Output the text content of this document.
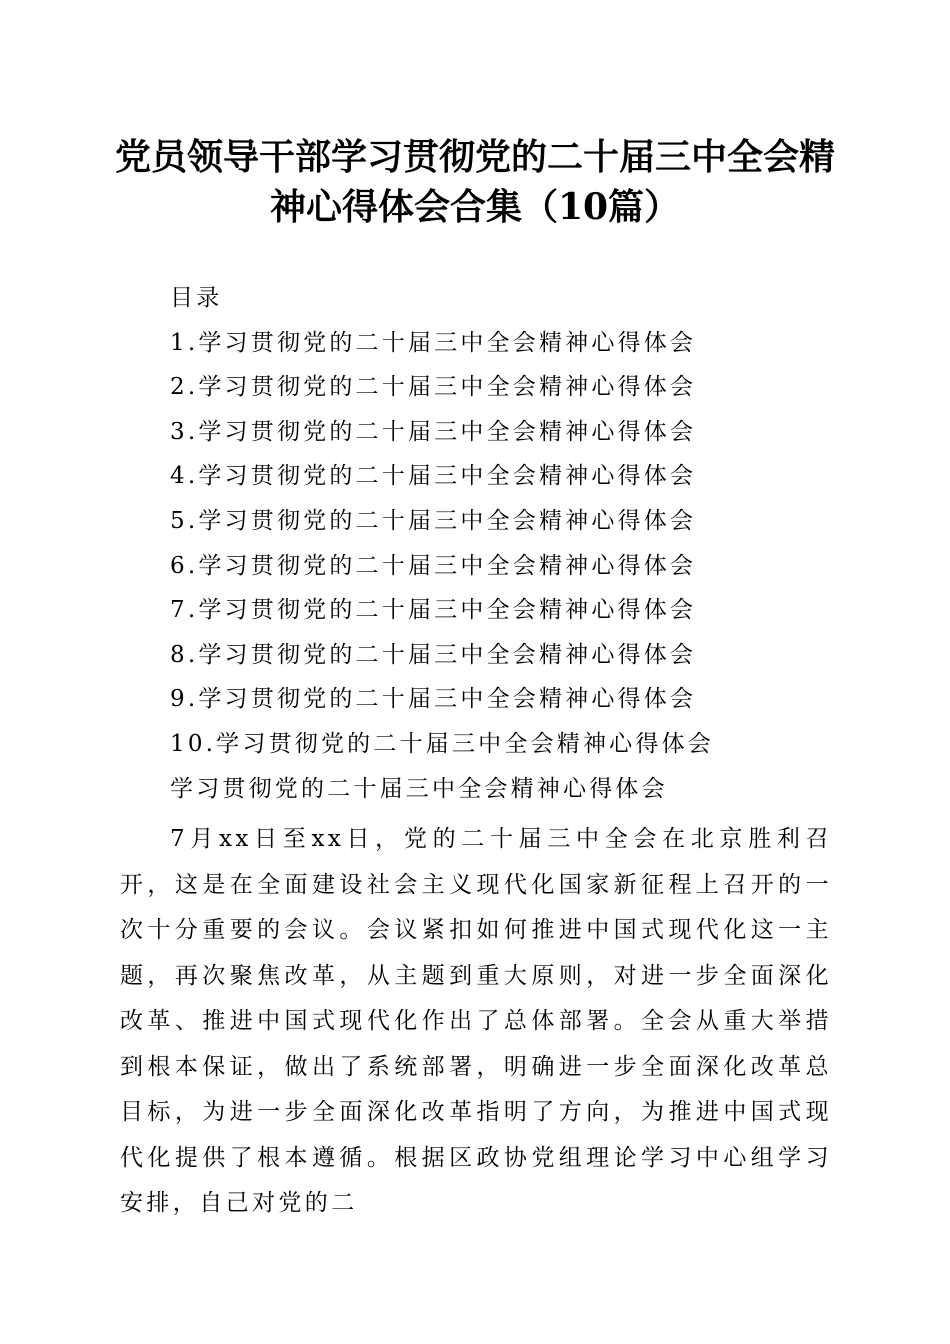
党员领导干部学习贯彻党的二十届三中全会精
神心得体会合集（10篇）
目录
1.学习贯彻党的二十届三中全会精神心得体会
2.学习贯彻党的二十届三中全会精神心得体会
3.学习贯彻党的二十届三中全会精神心得体会
4.学习贯彻党的二十届三中全会精神心得体会
5.学习贯彻党的二十届三中全会精神心得体会
6.学习贯彻党的二十届三中全会精神心得体会
7.学习贯彻党的二十届三中全会精神心得体会
8.学习贯彻党的二十届三中全会精神心得体会
9.学习贯彻党的二十届三中全会精神心得体会
10.学习贯彻党的二十届三中全会精神心得体会
学习贯彻党的二十届三中全会精神心得体会

7月xx日至xx日，党的二十届三中全会在北京胜利召开，这是在全面建设社会主义现代化国家新征程上召开的一次十分重要的会议。会议紧扣如何推进中国式现代化这一主题，再次聚焦改革，从主题到重大原则，对进一步全面深化改革、推进中国式现代化作出了总体部署。全会从重大举措到根本保证，做出了系统部署，明确进一步全面深化改革总目标，为进一步全面深化改革指明了方向，为推进中国式现代化提供了根本遵循。根据区政协党组理论学习中心组学习安排，自己对党的二
